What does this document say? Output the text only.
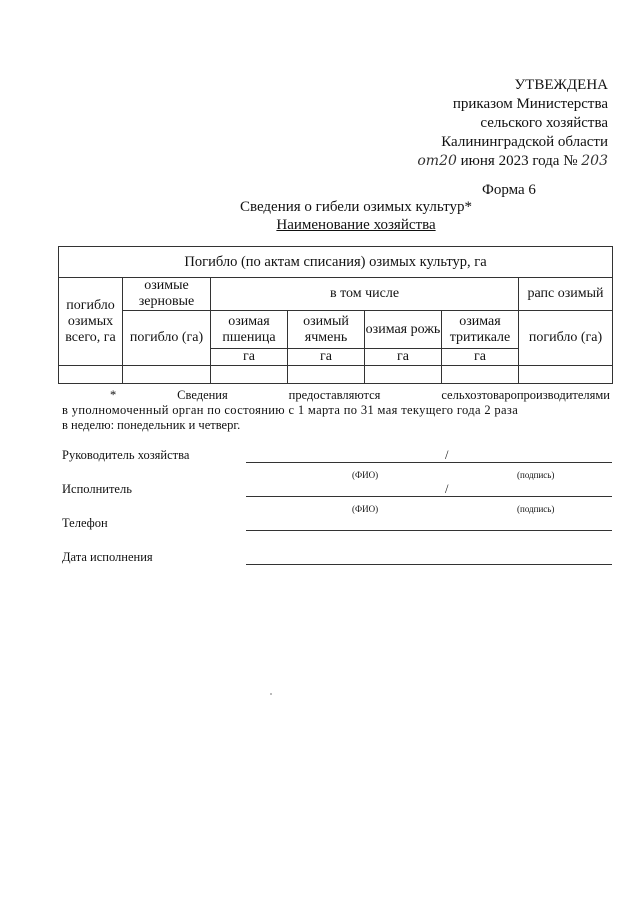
УТВЕЖДЕНА
приказом Министерства
сельского хозяйства
Калининградской области
от20 июня 2023 года № 203
Форма 6
Сведения о гибели озимых культур*
Наименование хозяйства
Погибло (по актам списания) озимых культур, га						
погибло озимых всего, га	озимые зерновые	в том числе				рапс озимый
	погибло (га)	озимая пшеница	озимый ячмень	озимая рожь	озимая тритикале	погибло (га)
		га	га	га	га	

*	Сведения	предоставляются	сельхозтоваропроизводителями
в уполномоченный орган по состоянию с 1 марта по 31 мая текущего года 2 раза
в неделю: понедельник и четверг.
Руководитель хозяйства	/
(ФИО)	(подпись)
Исполнитель	/
(ФИО)	(подпись)
Телефон
Дата исполнения
